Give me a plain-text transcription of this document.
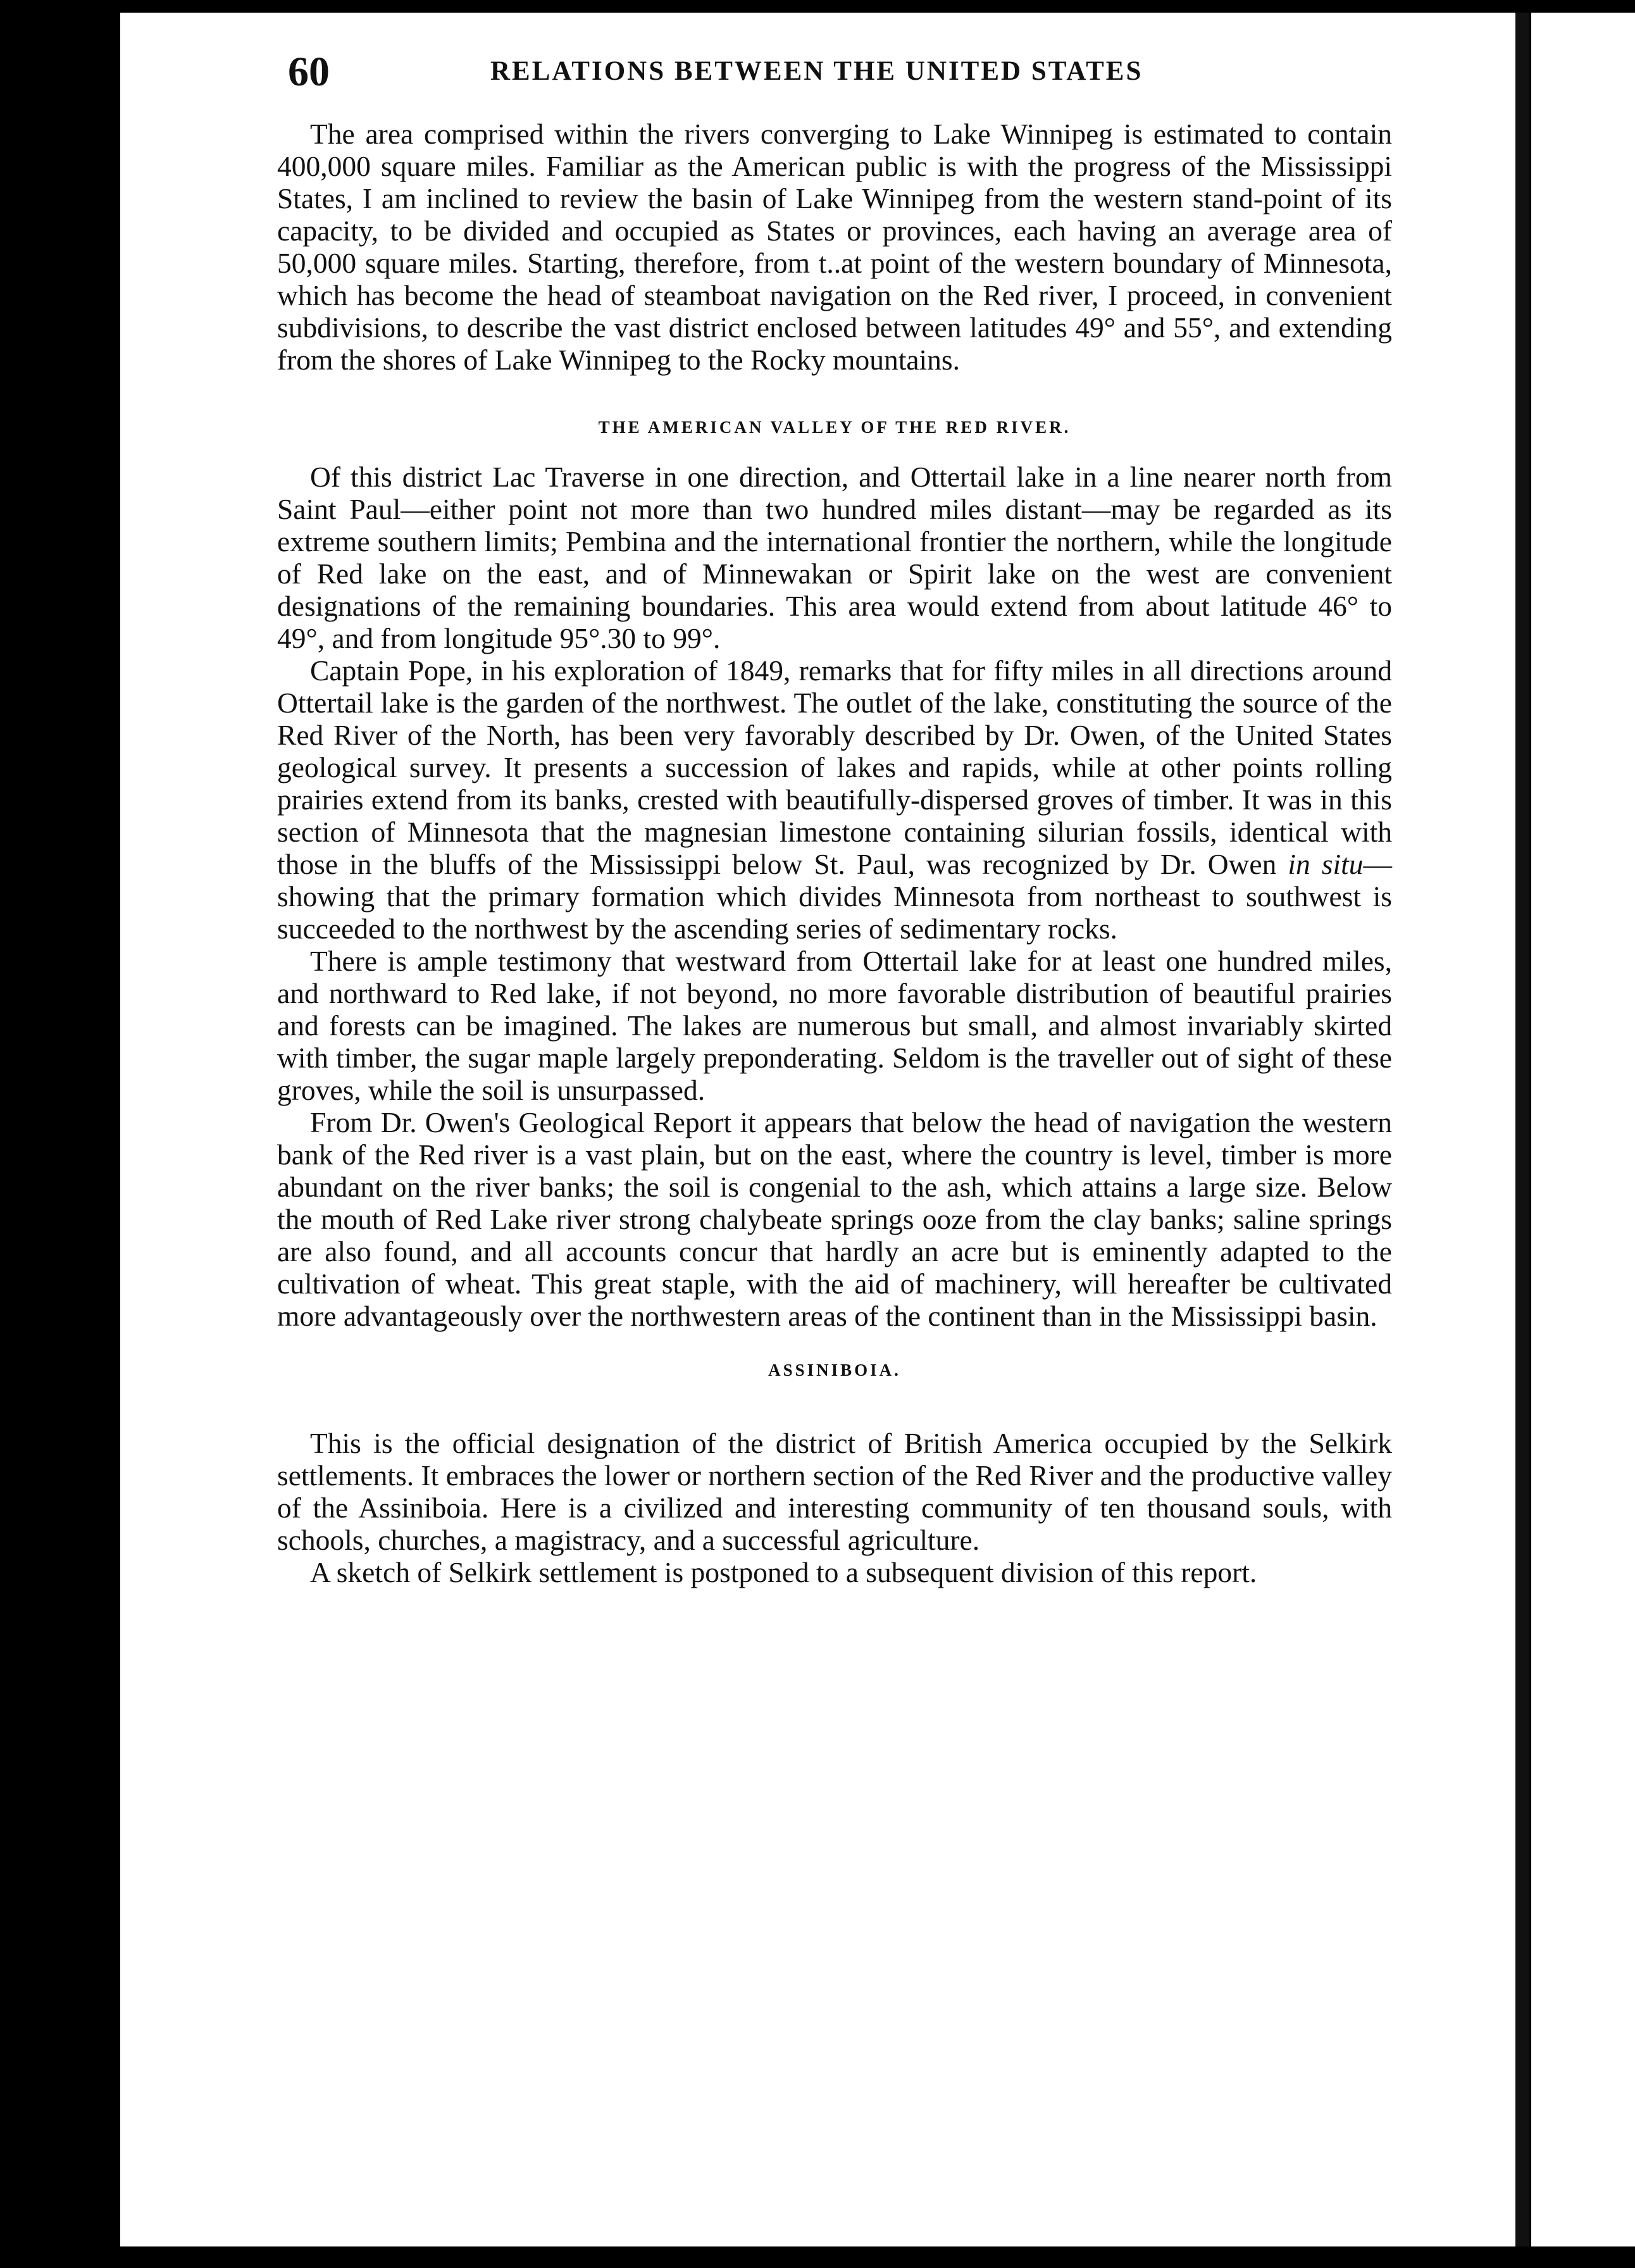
60	RELATIONS BETWEEN THE UNITED STATES

The area comprised within the rivers converging to Lake Winnipeg is estimated to contain 400,000 square miles. Familiar as the American public is with the progress of the Mississippi States, I am inclined to review the basin of Lake Winnipeg from the western stand-point of its capacity, to be divided and occupied as States or provinces, each having an average area of 50,000 square miles. Starting, therefore, from t..at point of the western boundary of Minnesota, which has become the head of steamboat navigation on the Red river, I proceed, in convenient subdivisions, to describe the vast district enclosed between latitudes 49° and 55°, and extending from the shores of Lake Winnipeg to the Rocky mountains.

THE AMERICAN VALLEY OF THE RED RIVER.

Of this district Lac Traverse in one direction, and Ottertail lake in a line nearer north from Saint Paul—either point not more than two hundred miles distant—may be regarded as its extreme southern limits; Pembina and the international frontier the northern, while the longitude of Red lake on the east, and of Minnewakan or Spirit lake on the west are convenient designations of the remaining boundaries. This area would extend from about latitude 46° to 49°, and from longitude 95°.30 to 99°.

Captain Pope, in his exploration of 1849, remarks that for fifty miles in all directions around Ottertail lake is the garden of the northwest. The outlet of the lake, constituting the source of the Red River of the North, has been very favorably described by Dr. Owen, of the United States geological survey. It presents a succession of lakes and rapids, while at other points rolling prairies extend from its banks, crested with beautifully-dispersed groves of timber. It was in this section of Minnesota that the magnesian limestone containing silurian fossils, identical with those in the bluffs of the Mississippi below St. Paul, was recognized by Dr. Owen in situ—showing that the primary formation which divides Minnesota from northeast to southwest is succeeded to the northwest by the ascending series of sedimentary rocks.

There is ample testimony that westward from Ottertail lake for at least one hundred miles, and northward to Red lake, if not beyond, no more favorable distribution of beautiful prairies and forests can be imagined. The lakes are numerous but small, and almost invariably skirted with timber, the sugar maple largely preponderating. Seldom is the traveller out of sight of these groves, while the soil is unsurpassed.

From Dr. Owen's Geological Report it appears that below the head of navigation the western bank of the Red river is a vast plain, but on the east, where the country is level, timber is more abundant on the river banks; the soil is congenial to the ash, which attains a large size. Below the mouth of Red Lake river strong chalybeate springs ooze from the clay banks; saline springs are also found, and all accounts concur that hardly an acre but is eminently adapted to the cultivation of wheat. This great staple, with the aid of machinery, will hereafter be cultivated more advantageously over the northwestern areas of the continent than in the Mississippi basin.

ASSINIBOIA.

This is the official designation of the district of British America occupied by the Selkirk settlements. It embraces the lower or northern section of the Red River and the productive valley of the Assiniboia. Here is a civilized and interesting community of ten thousand souls, with schools, churches, a magistracy, and a successful agriculture.

A sketch of Selkirk settlement is postponed to a subsequent division of this report.
